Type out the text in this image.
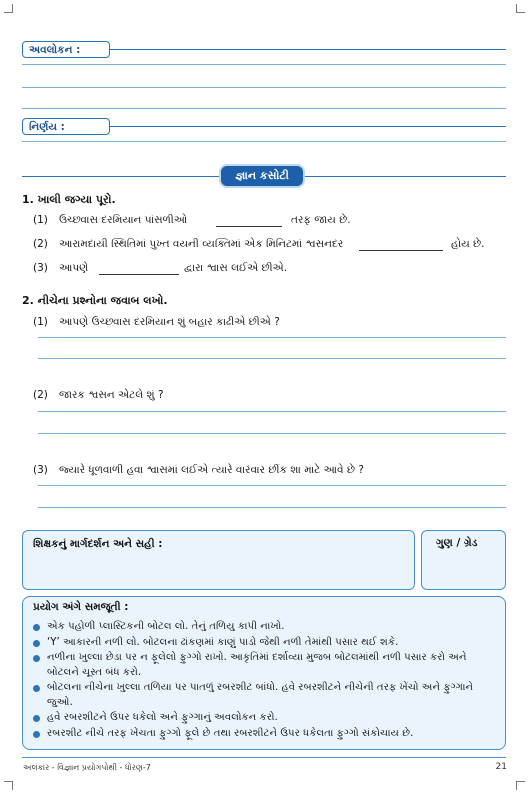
અવલોકન :
નિર્ણય :
જ્ઞાન કસોટી
1. ખાલી જગ્યા પૂરો.
(1) ઉચ્છ્વાસ દરમિયાન પાંસળીઓ	તરફ જાય છે.
(2) આરામદાયી સ્થિતિમાં પુખ્ત વયની વ્યક્તિમાં એક મિનિટમાં શ્વસનદર	હોય છે.
(3) આપણે	દ્વારા શ્વાસ લઈએ છીએ.
2. નીચેના પ્રશ્નોના જવાબ લખો.
(1) આપણે ઉચ્છ્વાસ દરમિયાન શું બહાર કાઢીએ છીએ ?
(2) જારક શ્વસન એટલે શું ?
(3) જ્યારે ધૂળવાળી હવા શ્વાસમાં લઈએ ત્યારે વારંવાર છીંક શા માટે આવે છે ?
શિક્ષકનું માર્ગદર્શન અને સહી :	ગુણ / ગ્રેડ
પ્રયોગ અંગે સમજૂતી :
એક પહોળી પ્લાસ્ટિકની બોટલ લો. તેનું તળિયુ કાપી નાખો.
‘Y’ આકારની નળી લો. બોટલના ઢાંકણમાં કાણું પાડો જેથી નળી તેમાંથી પસાર થઈ શકે.
નળીના ખુલ્લા છેડા પર ન ફૂલેલો ફુગ્ગો રાખો. આકૃતિમાં દર્શાવ્યા મુજબ બોટલમાંથી નળી પસાર કરો અને બોટલને ચૂસ્ત બંધ કરો.
બોટલના નીચેના ખુલ્લા તળિયા પર પાતળું રબરશીટ બાંધો. હવે રબરશીટને નીચેની તરફ ખેંચો અને ફુગ્ગાને જુઓ.
હવે રબરશીટને ઉપર ધકેલો અને ફુગ્ગાનું અવલોકન કરો.
રબરશીટ નીચે તરફ ખેંચતા ફુગ્ગો ફૂલે છે તથા રબરશીટને ઉપર ધકેલતા ફુગ્ગો સંકોચાય છે.
અલંકાર - વિજ્ઞાન પ્રયોગપોથી - ધોરણ-7	21
